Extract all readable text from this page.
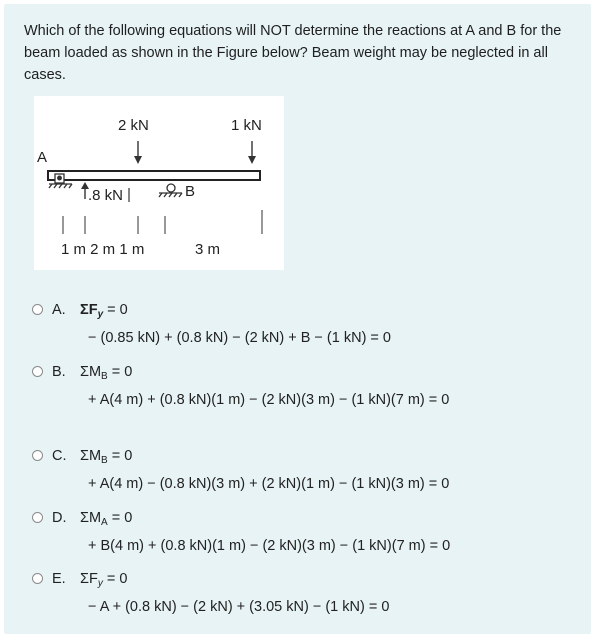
Which of the following equations will NOT determine the reactions at A and B for the beam loaded as shown in the Figure below? Beam weight may be neglected in all cases.
2 kN	1 kN
A
.8 kN	B
1 m 2 m 1 m	3 m
A. $\Sigma F_y = 0$
− (0.85 kN) + (0.8 kN) − (2 kN) + B − (1 kN) = 0
B. $\Sigma M_B = 0$
+ A(4 m) + (0.8 kN)(1 m) − (2 kN)(3 m) − (1 kN)(7 m) = 0
C. $\Sigma M_B = 0$
+ A(4 m) − (0.8 kN)(3 m) + (2 kN)(1 m) − (1 kN)(3 m) = 0
D. $\Sigma M_A = 0$
+ B(4 m) + (0.8 kN)(1 m) − (2 kN)(3 m) − (1 kN)(7 m) = 0
E. $\Sigma F_y = 0$
− A + (0.8 kN) − (2 kN) + (3.05 kN) − (1 kN) = 0
